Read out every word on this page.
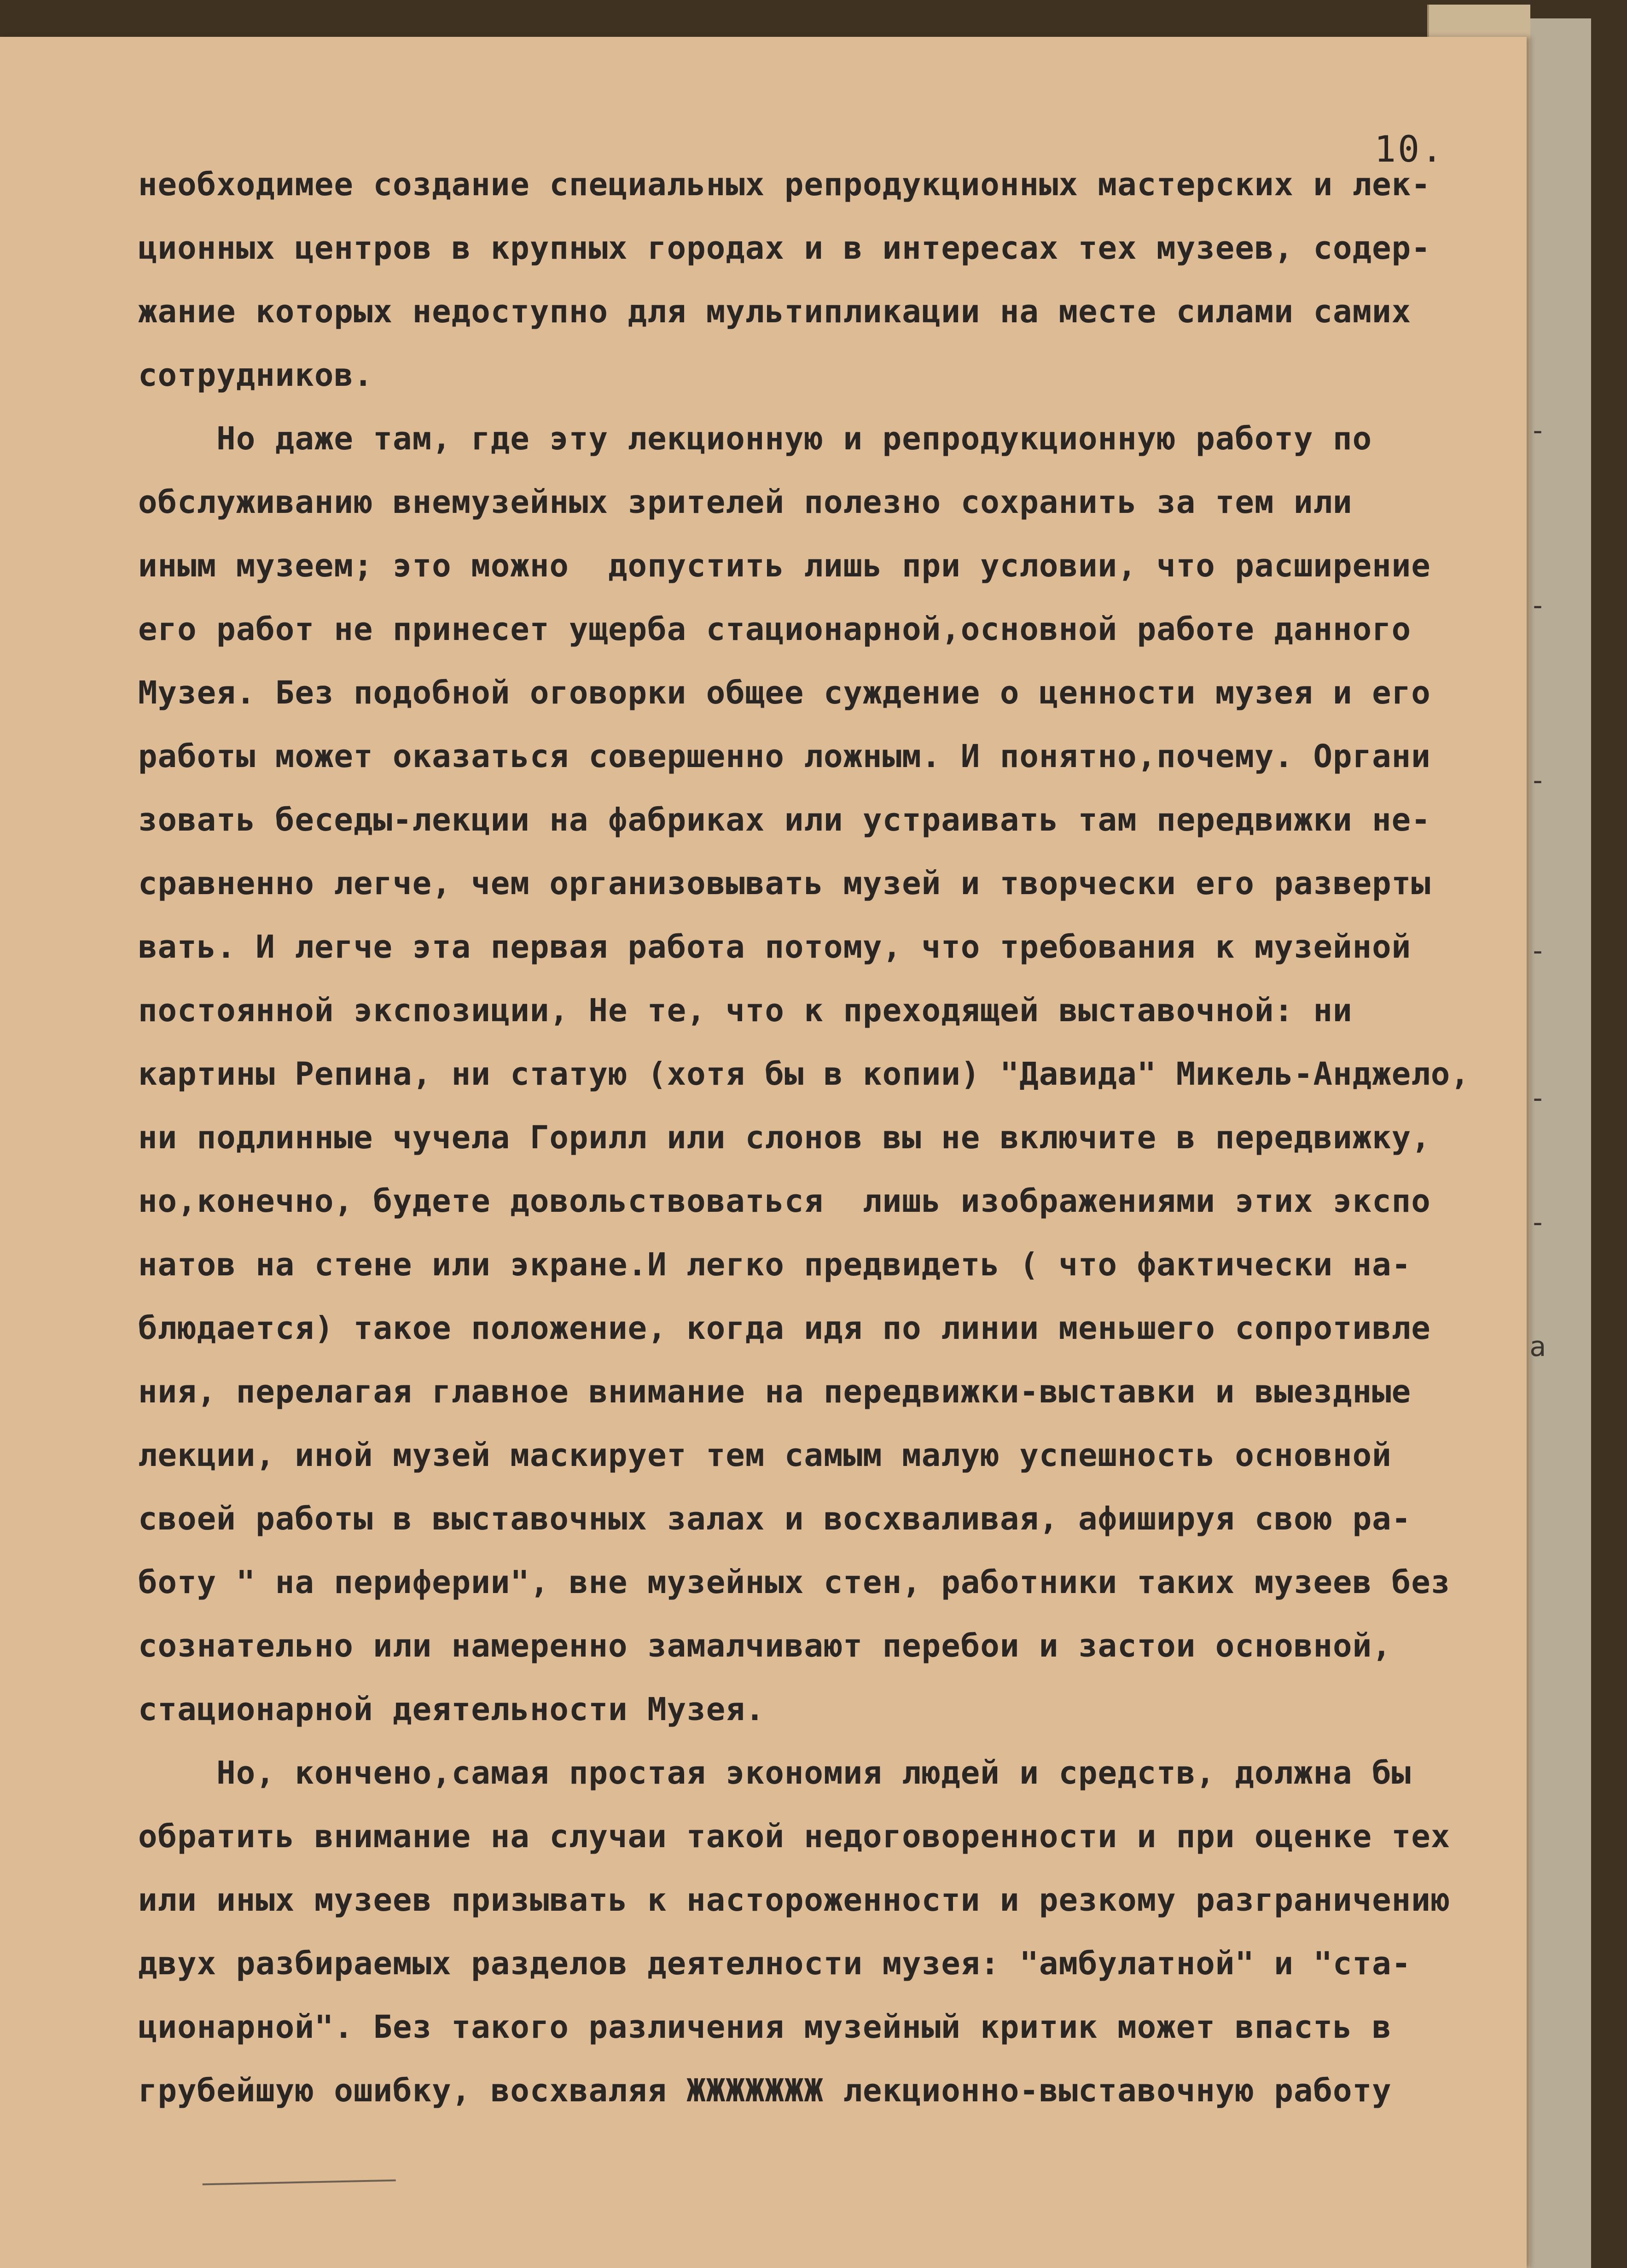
-
-
-
-
-
-
а
10.
необходимее создание специальных репродукционных мастерских и лек-
ционных центров в крупных городах и в интересах тех музеев, содер-
жание которых недоступно для мультипликации на месте силами самих
сотрудников.
Но даже там, где эту лекционную и репродукционную работу по
обслуживанию внемузейных зрителей полезно сохранить за тем или
иным музеем; это можно  допустить лишь при условии, что расширение
его работ не принесет ущерба стационарной,основной работе данного
Музея. Без подобной оговорки общее суждение о ценности музея и его
работы может оказаться совершенно ложным. И понятно,почему. Органи
зовать беседы-лекции на фабриках или устраивать там передвижки не-
сравненно легче, чем организовывать музей и творчески его разверты
вать. И легче эта первая работа потому, что требования к музейной
постоянной экспозиции, Не те, что к преходящей выставочной: ни
картины Репина, ни статую (хотя бы в копии) "Давида" Микель-Анджело,
ни подлинные чучела Горилл или слонов вы не включите в передвижку,
но,конечно, будете довольствоваться  лишь изображениями этих экспо
натов на стене или экране.И легко предвидеть ( что фактически на-
блюдается) такое положение, когда идя по линии меньшего сопротивле
ния, перелагая главное внимание на передвижки-выставки и выездные
лекции, иной музей маскирует тем самым малую успешность основной
своей работы в выставочных залах и восхваливая, афишируя свою ра-
боту " на периферии", вне музейных стен, работники таких музеев без
сознательно или намеренно замалчивают перебои и застои основной,
стационарной деятельности Музея.
Но, кончено,самая простая экономия людей и средств, должна бы
обратить внимание на случаи такой недоговоренности и при оценке тех
или иных музеев призывать к настороженности и резкому разграничению
двух разбираемых разделов деятелности музея: "амбулатной" и "ста-
ционарной". Без такого различения музейный критик может впасть в
грубейшую ошибку, восхваляя ЖЖЖЖЖЖЖ лекционно-выставочную работу
